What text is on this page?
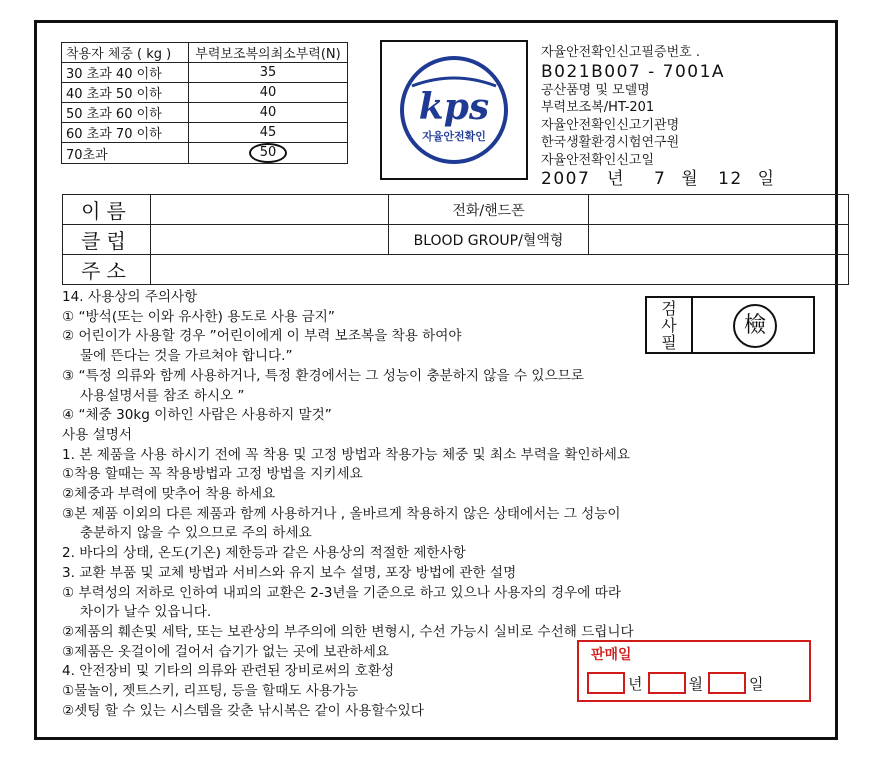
착용자 체중 ( kg )	부력보조복의최소부력(N)
30 초과 40 이하	35
40 초과 50 이하	40
50 초과 60 이하	40
60 초과 70 이하	45
70초과	50
kps
자율안전확인
자율안전확인신고필증번호 .
B021B007 - 7001A
공산품명 및 모델명
부력보조복/HT-201
자율안전확인신고기관명
한국생활환경시험연구원
자율안전확인신고일
2007 년 7 월 12 일
이름		전화/핸드폰	
클럽		BLOOD GROUP/혈액형	
주소			
검
사
필
檢
14. 사용상의 주의사항
① “방석(또는 이와 유사한) 용도로 사용 금지”
② 어린이가 사용할 경우 ”어린이에게 이 부력 보조복을 착용 하여야
물에 뜬다는 것을 가르쳐야 합니다.”
③ “특정 의류와 함께 사용하거나, 특정 환경에서는 그 성능이 충분하지 않을 수 있으므로
사용설명서를 참조 하시오 ”
④ “체중 30kg 이하인 사람은 사용하지 말것”
사용 설명서
1. 본 제품을 사용 하시기 전에 꼭 착용 및 고정 방법과 착용가능 체중 및 최소 부력을 확인하세요
①착용 할때는 꼭 착용방법과 고정 방법을 지키세요
②체중과 부력에 맞추어 착용 하세요
③본 제품 이외의 다른 제품과 함께 사용하거나 , 올바르게 착용하지 않은 상태에서는 그 성능이
충분하지 않을 수 있으므로 주의 하세요
2. 바다의 상태, 온도(기온) 제한등과 같은 사용상의 적절한 제한사항
3. 교환 부품 및 교체 방법과 서비스와 유지 보수 설명, 포장 방법에 관한 설명
① 부력성의 저하로 인하여 내피의 교환은 2-3년을 기준으로 하고 있으나 사용자의 경우에 따라
차이가 날수 있읍니다.
②제품의 훼손및 세탁, 또는 보관상의 부주의에 의한 변형시, 수선 가능시 실비로 수선해 드립니다
③제품은 옷걸이에 걸어서 습기가 없는 곳에 보관하세요
4. 안전장비 및 기타의 의류와 관련된 장비로써의 호환성
①물놀이, 젯트스키, 리프팅, 등을 할때도 사용가능
②셋팅 할 수 있는 시스템을 갖춘 낚시복은 같이 사용할수있다
판매일
년	월	일
